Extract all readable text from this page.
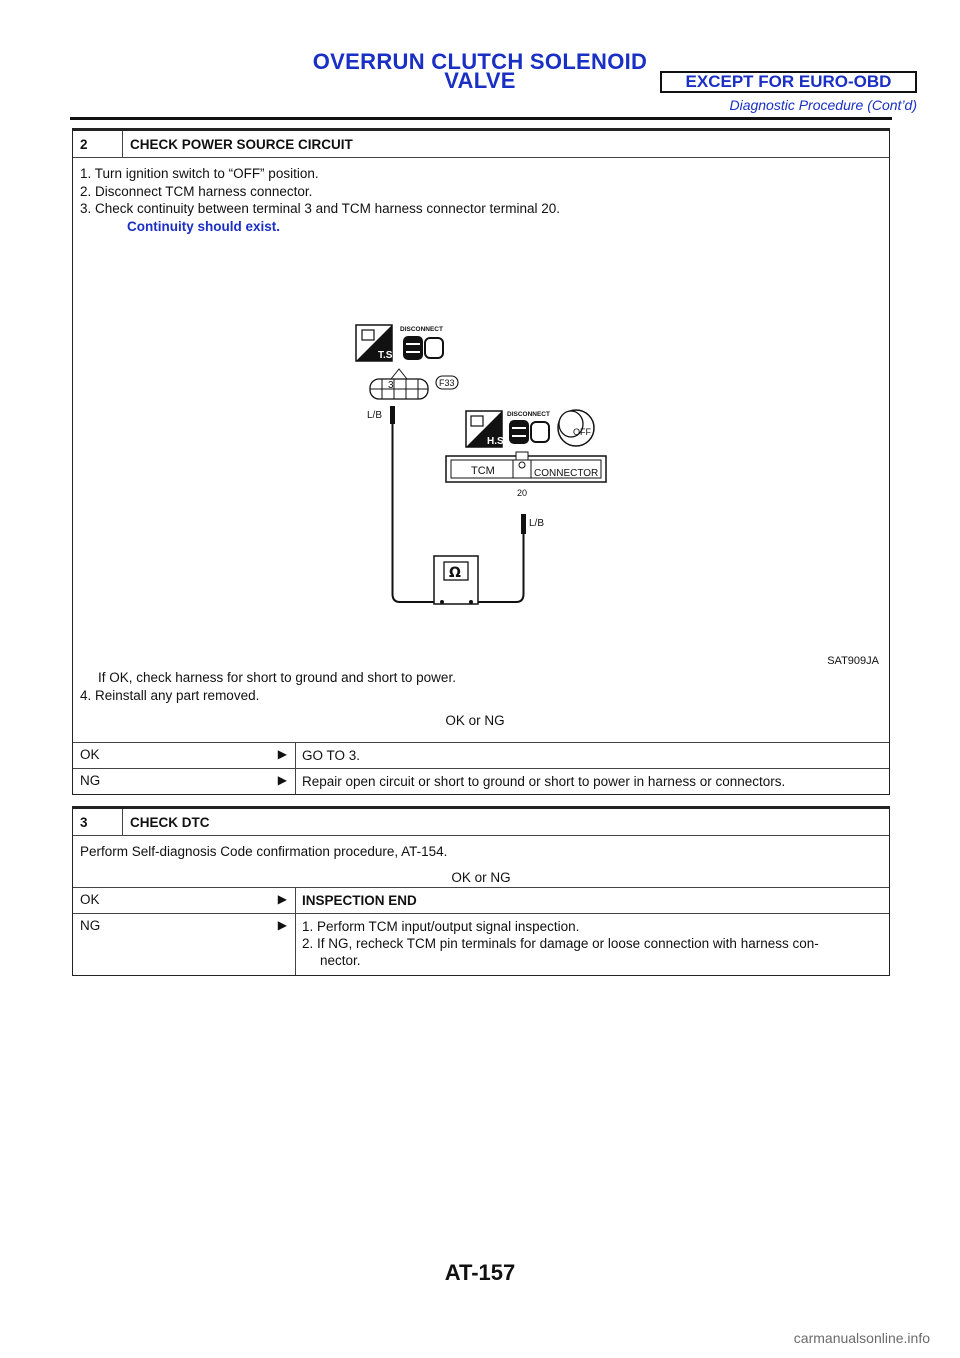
OVERRUN CLUTCH SOLENOID
VALVE	EXCEPT FOR EURO-OBD
Diagnostic Procedure (Cont’d)
2	CHECK POWER SOURCE CIRCUIT
1. Turn ignition switch to “OFF” position.
2. Disconnect TCM harness connector.
3. Check continuity between terminal 3 and TCM harness connector terminal 20.
Continuity should exist.
T.S.
DISCONNECT
3	F33
L/B
H.S.
DISCONNECT
OFF
TCM	CONNECTOR
20
L/B
Ω
SAT909JA
If OK, check harness for short to ground and short to power.
4. Reinstall any part removed.
OK or NG
OK	▶	GO TO 3.
NG	▶	Repair open circuit or short to ground or short to power in harness or connectors.
3	CHECK DTC
Perform Self-diagnosis Code confirmation procedure, AT-154.
OK or NG
OK	▶	INSPECTION END
NG	▶	1. Perform TCM input/output signal inspection.
2. If NG, recheck TCM pin terminals for damage or loose connection with harness con-
nector.
AT-157
carmanualsonline.info
